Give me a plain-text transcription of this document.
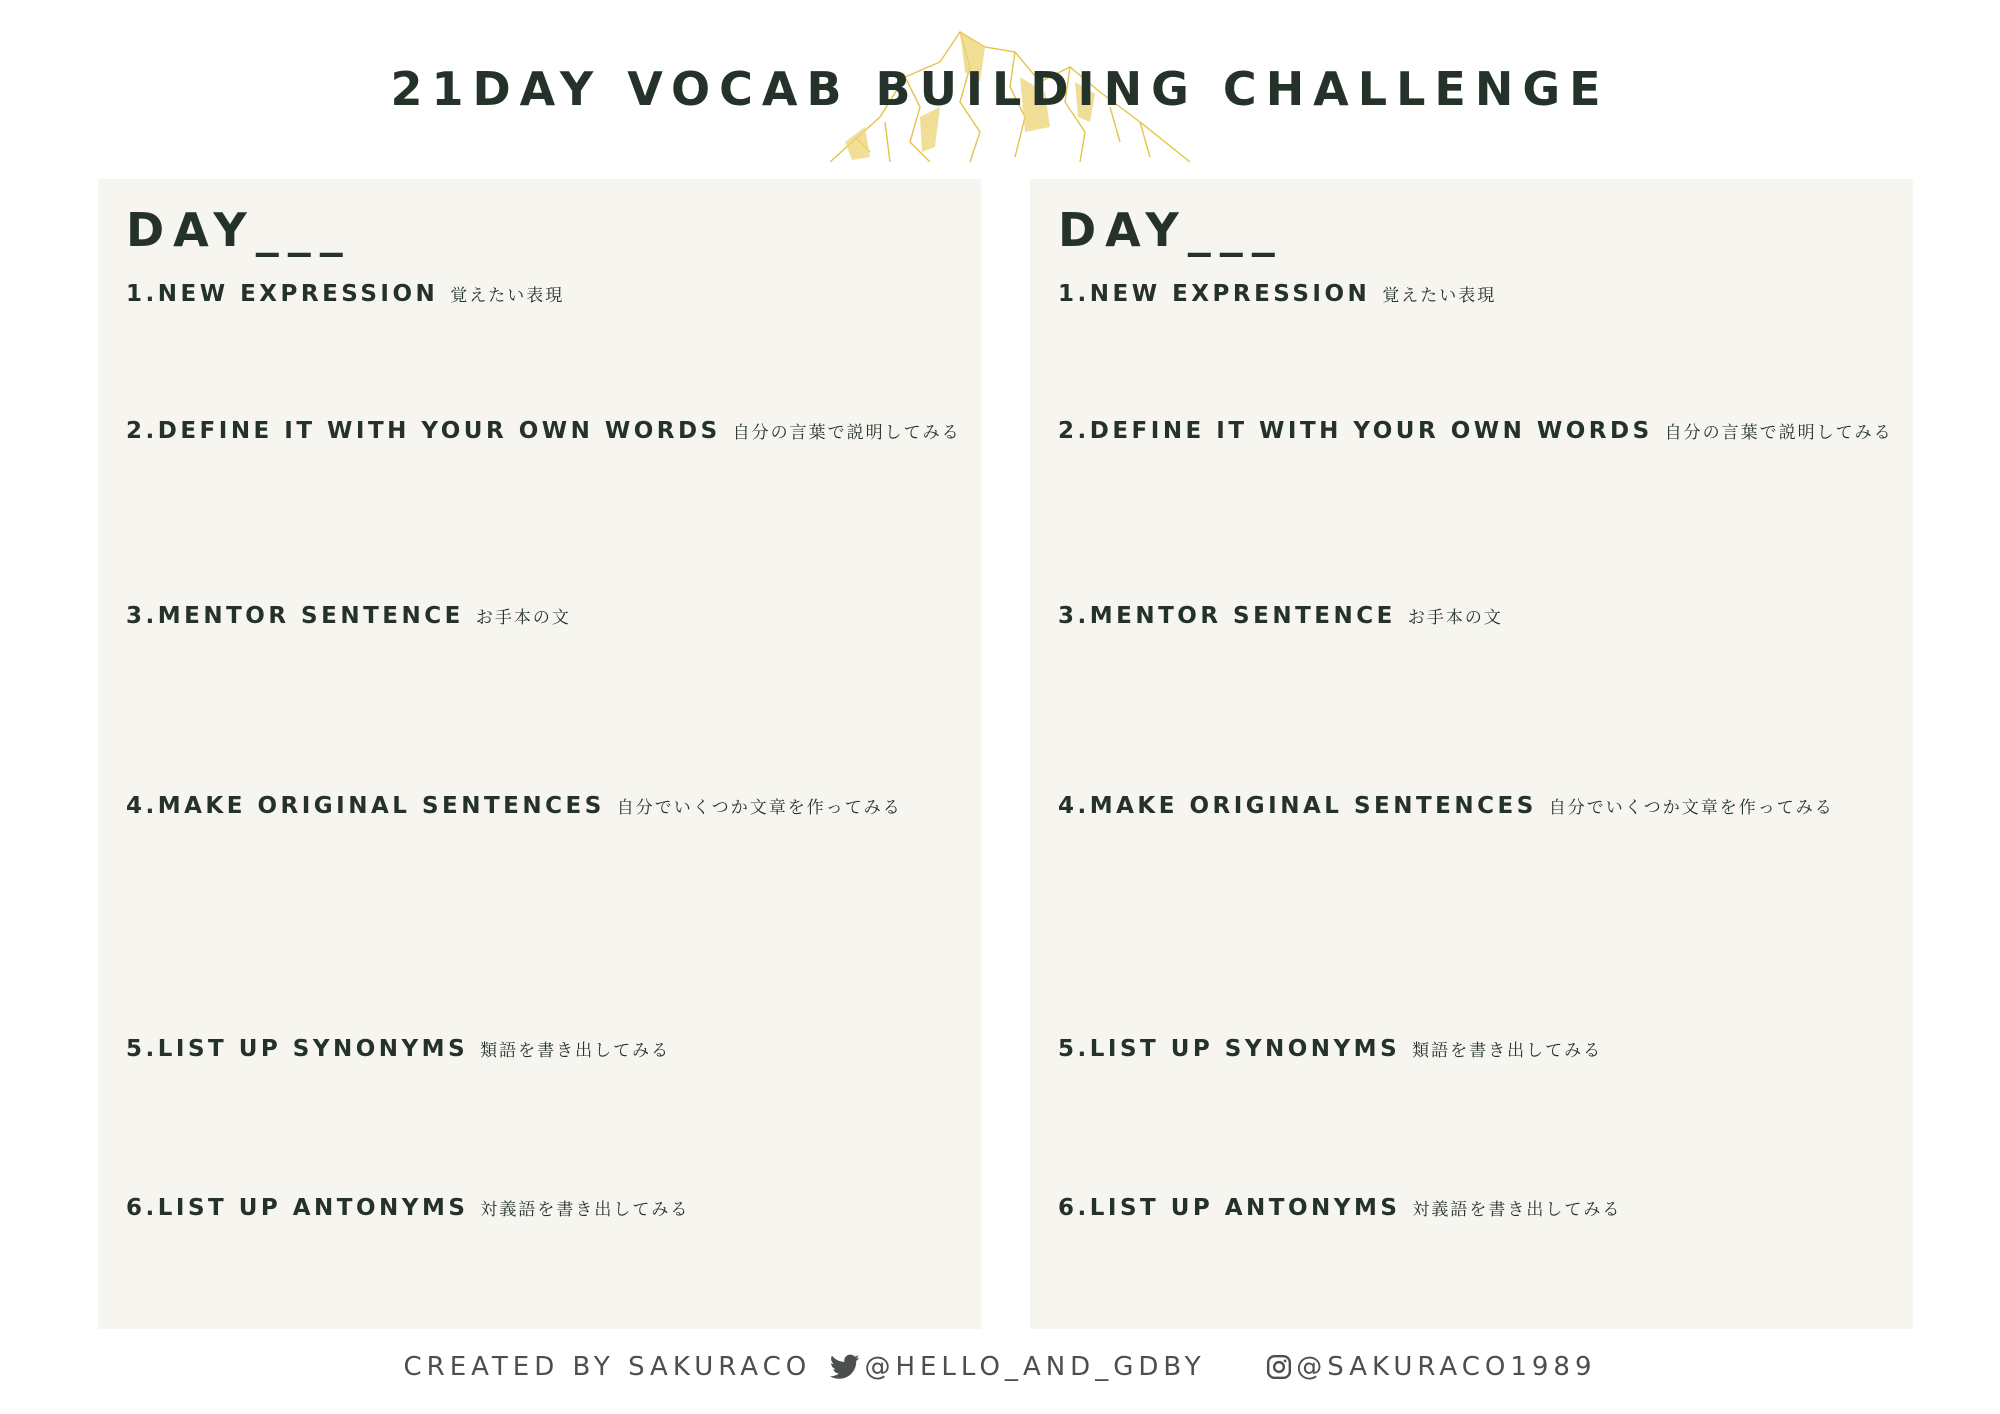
21DAY VOCAB BUILDING CHALLENGE
DAY___
1.NEW EXPRESSION 覚えたい表現
2.DEFINE IT WITH YOUR OWN WORDS 自分の言葉で説明してみる
3.MENTOR SENTENCE お手本の文
4.MAKE ORIGINAL SENTENCES 自分でいくつか文章を作ってみる
5.LIST UP SYNONYMS 類語を書き出してみる
6.LIST UP ANTONYMS 対義語を書き出してみる
DAY___
1.NEW EXPRESSION 覚えたい表現
2.DEFINE IT WITH YOUR OWN WORDS 自分の言葉で説明してみる
3.MENTOR SENTENCE お手本の文
4.MAKE ORIGINAL SENTENCES 自分でいくつか文章を作ってみる
5.LIST UP SYNONYMS 類語を書き出してみる
6.LIST UP ANTONYMS 対義語を書き出してみる
CREATED BY SAKURACO @HELLO_AND_GDBY	@SAKURACO1989
